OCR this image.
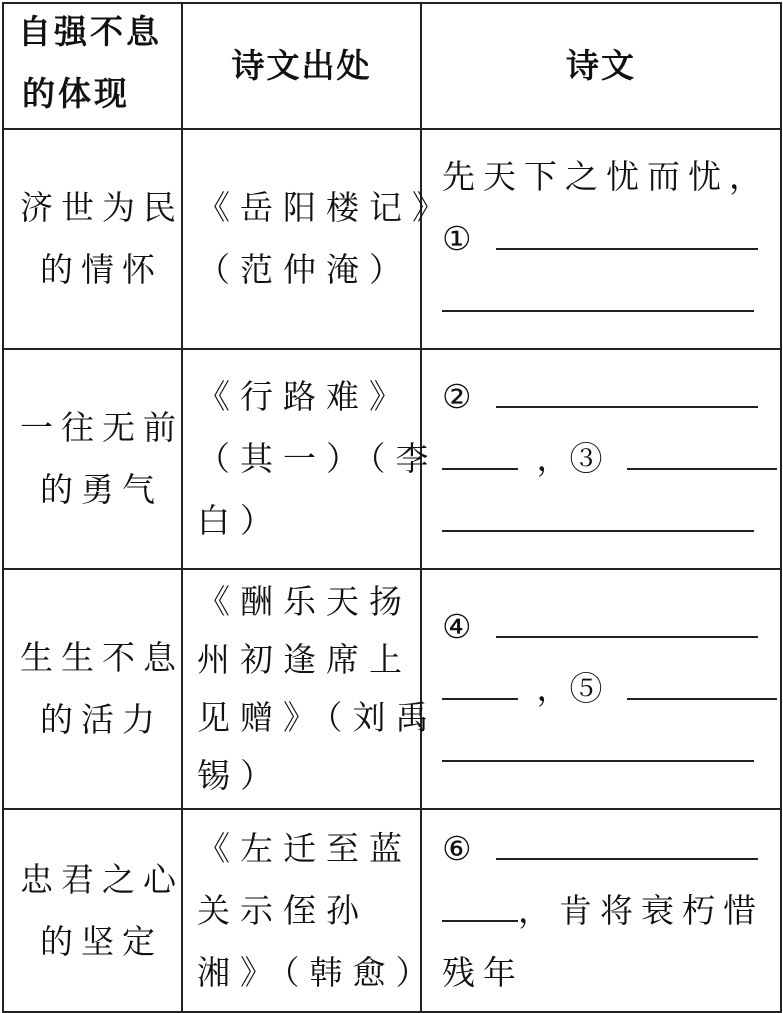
自强不息
的体现	诗文出处	诗文

济世为民
的情怀	《岳阳楼记》
（范仲淹）	先天下之忧而忧，
①

一往无前
的勇气	《行路难》
（其一）（李
白）	②
，③

生生不息
的活力	《酬乐天扬
州初逢席上
见赠》（刘禹
锡）	④
，⑤

忠君之心
的坚定	《左迁至蓝
关示侄孙
湘》（韩愈）	⑥
，肯将衰朽惜
残年
